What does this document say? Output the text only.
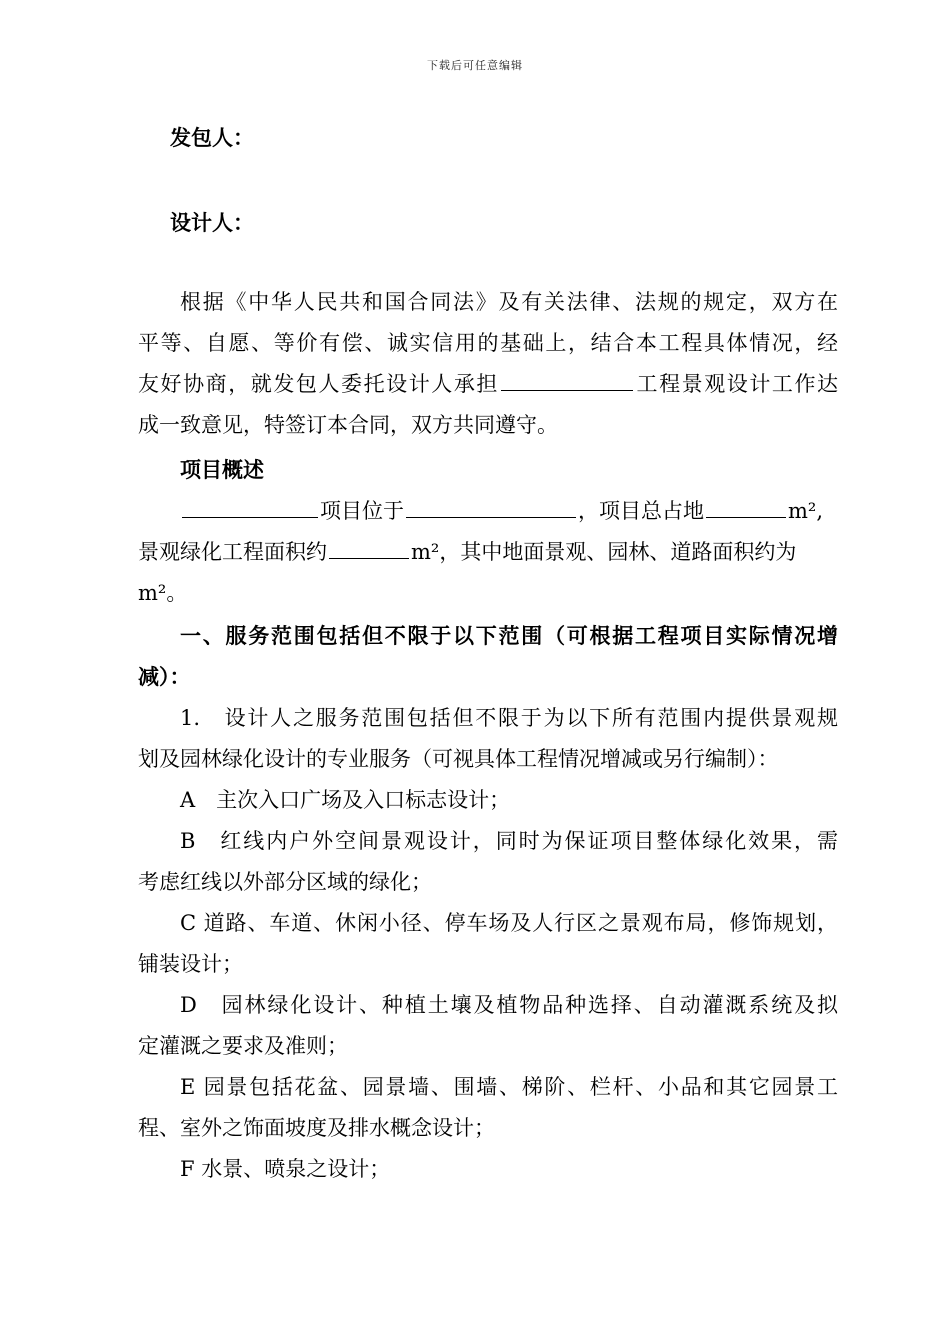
下载后可任意编辑
发包人：
设计人：
根据《中华人民共和国合同法》及有关法律、法规的规定，双方在
平等、自愿、等价有偿、诚实信用的基础上，结合本工程具体情况，经
友好协商，就发包人委托设计人承担	工程景观设计工作达
成一致意见，特签订本合同，双方共同遵守。
项目概述
项目位于	，项目总占地	m²,
景观绿化工程面积约	m²，其中地面景观、园林、道路面积约为
m²。
一、服务范围包括但不限于以下范围（可根据工程项目实际情况增
减）：
1.　设计人之服务范围包括但不限于为以下所有范围内提供景观规
划及园林绿化设计的专业服务（可视具体工程情况增减或另行编制）：
A　主次入口广场及入口标志设计；
B　红线内户外空间景观设计，同时为保证项目整体绿化效果，需
考虑红线以外部分区域的绿化；
C 道路、车道、休闲小径、停车场及人行区之景观布局，修饰规划，
铺装设计；
D　园林绿化设计、种植土壤及植物品种选择、自动灌溉系统及拟
定灌溉之要求及准则；
E 园景包括花盆、园景墙、围墙、梯阶、栏杆、小品和其它园景工
程、室外之饰面坡度及排水概念设计；
F 水景、喷泉之设计；
